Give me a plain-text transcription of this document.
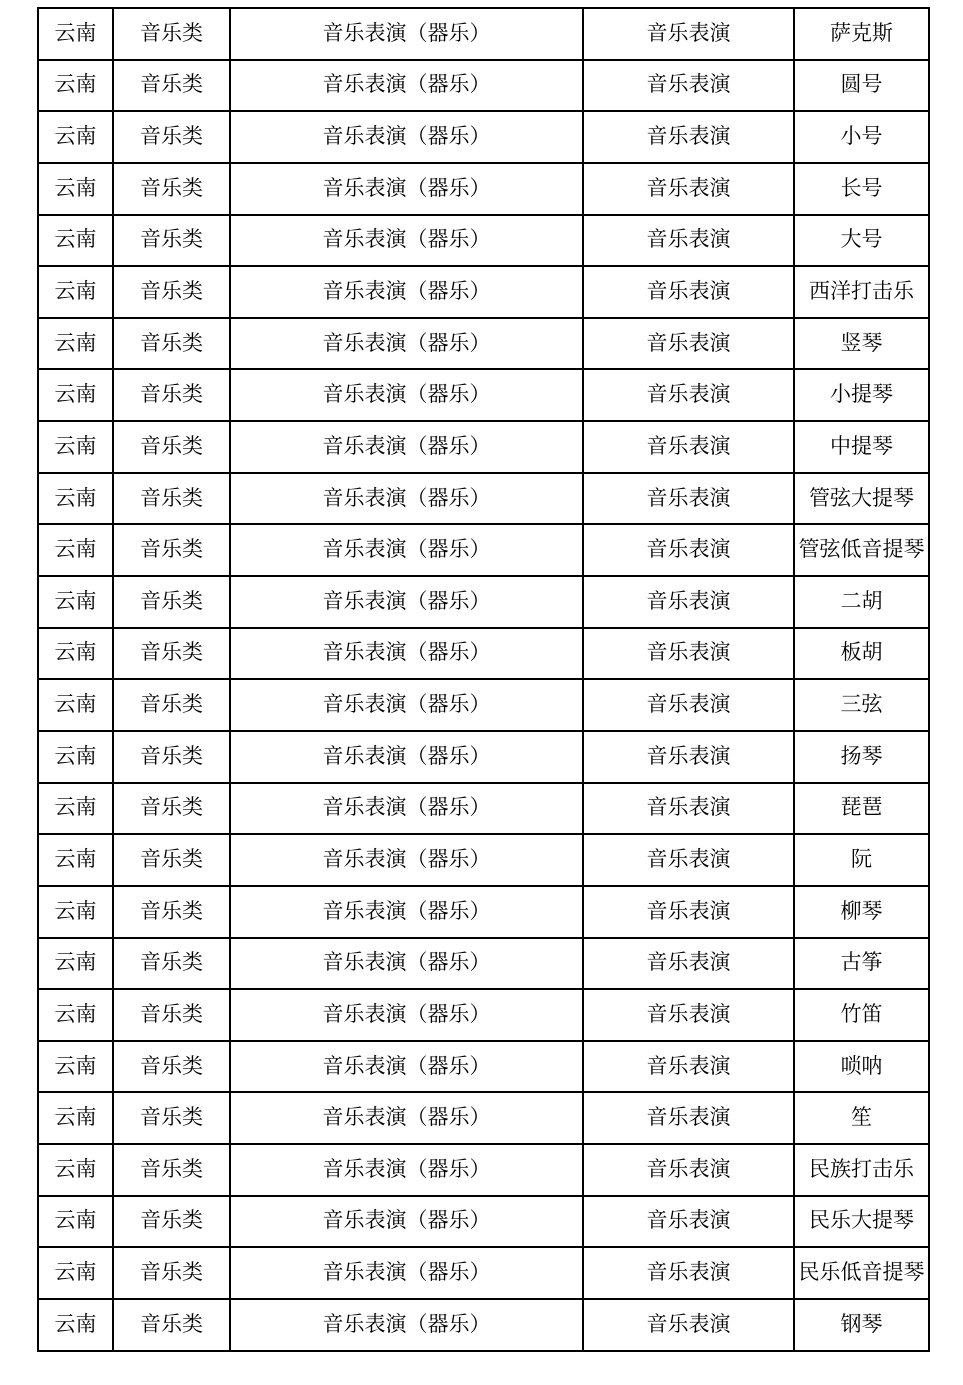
云南	音乐类	音乐表演（器乐）	音乐表演	萨克斯
云南	音乐类	音乐表演（器乐）	音乐表演	圆号
云南	音乐类	音乐表演（器乐）	音乐表演	小号
云南	音乐类	音乐表演（器乐）	音乐表演	长号
云南	音乐类	音乐表演（器乐）	音乐表演	大号
云南	音乐类	音乐表演（器乐）	音乐表演	西洋打击乐
云南	音乐类	音乐表演（器乐）	音乐表演	竖琴
云南	音乐类	音乐表演（器乐）	音乐表演	小提琴
云南	音乐类	音乐表演（器乐）	音乐表演	中提琴
云南	音乐类	音乐表演（器乐）	音乐表演	管弦大提琴
云南	音乐类	音乐表演（器乐）	音乐表演	管弦低音提琴
云南	音乐类	音乐表演（器乐）	音乐表演	二胡
云南	音乐类	音乐表演（器乐）	音乐表演	板胡
云南	音乐类	音乐表演（器乐）	音乐表演	三弦
云南	音乐类	音乐表演（器乐）	音乐表演	扬琴
云南	音乐类	音乐表演（器乐）	音乐表演	琵琶
云南	音乐类	音乐表演（器乐）	音乐表演	阮
云南	音乐类	音乐表演（器乐）	音乐表演	柳琴
云南	音乐类	音乐表演（器乐）	音乐表演	古筝
云南	音乐类	音乐表演（器乐）	音乐表演	竹笛
云南	音乐类	音乐表演（器乐）	音乐表演	唢呐
云南	音乐类	音乐表演（器乐）	音乐表演	笙
云南	音乐类	音乐表演（器乐）	音乐表演	民族打击乐
云南	音乐类	音乐表演（器乐）	音乐表演	民乐大提琴
云南	音乐类	音乐表演（器乐）	音乐表演	民乐低音提琴
云南	音乐类	音乐表演（器乐）	音乐表演	钢琴
